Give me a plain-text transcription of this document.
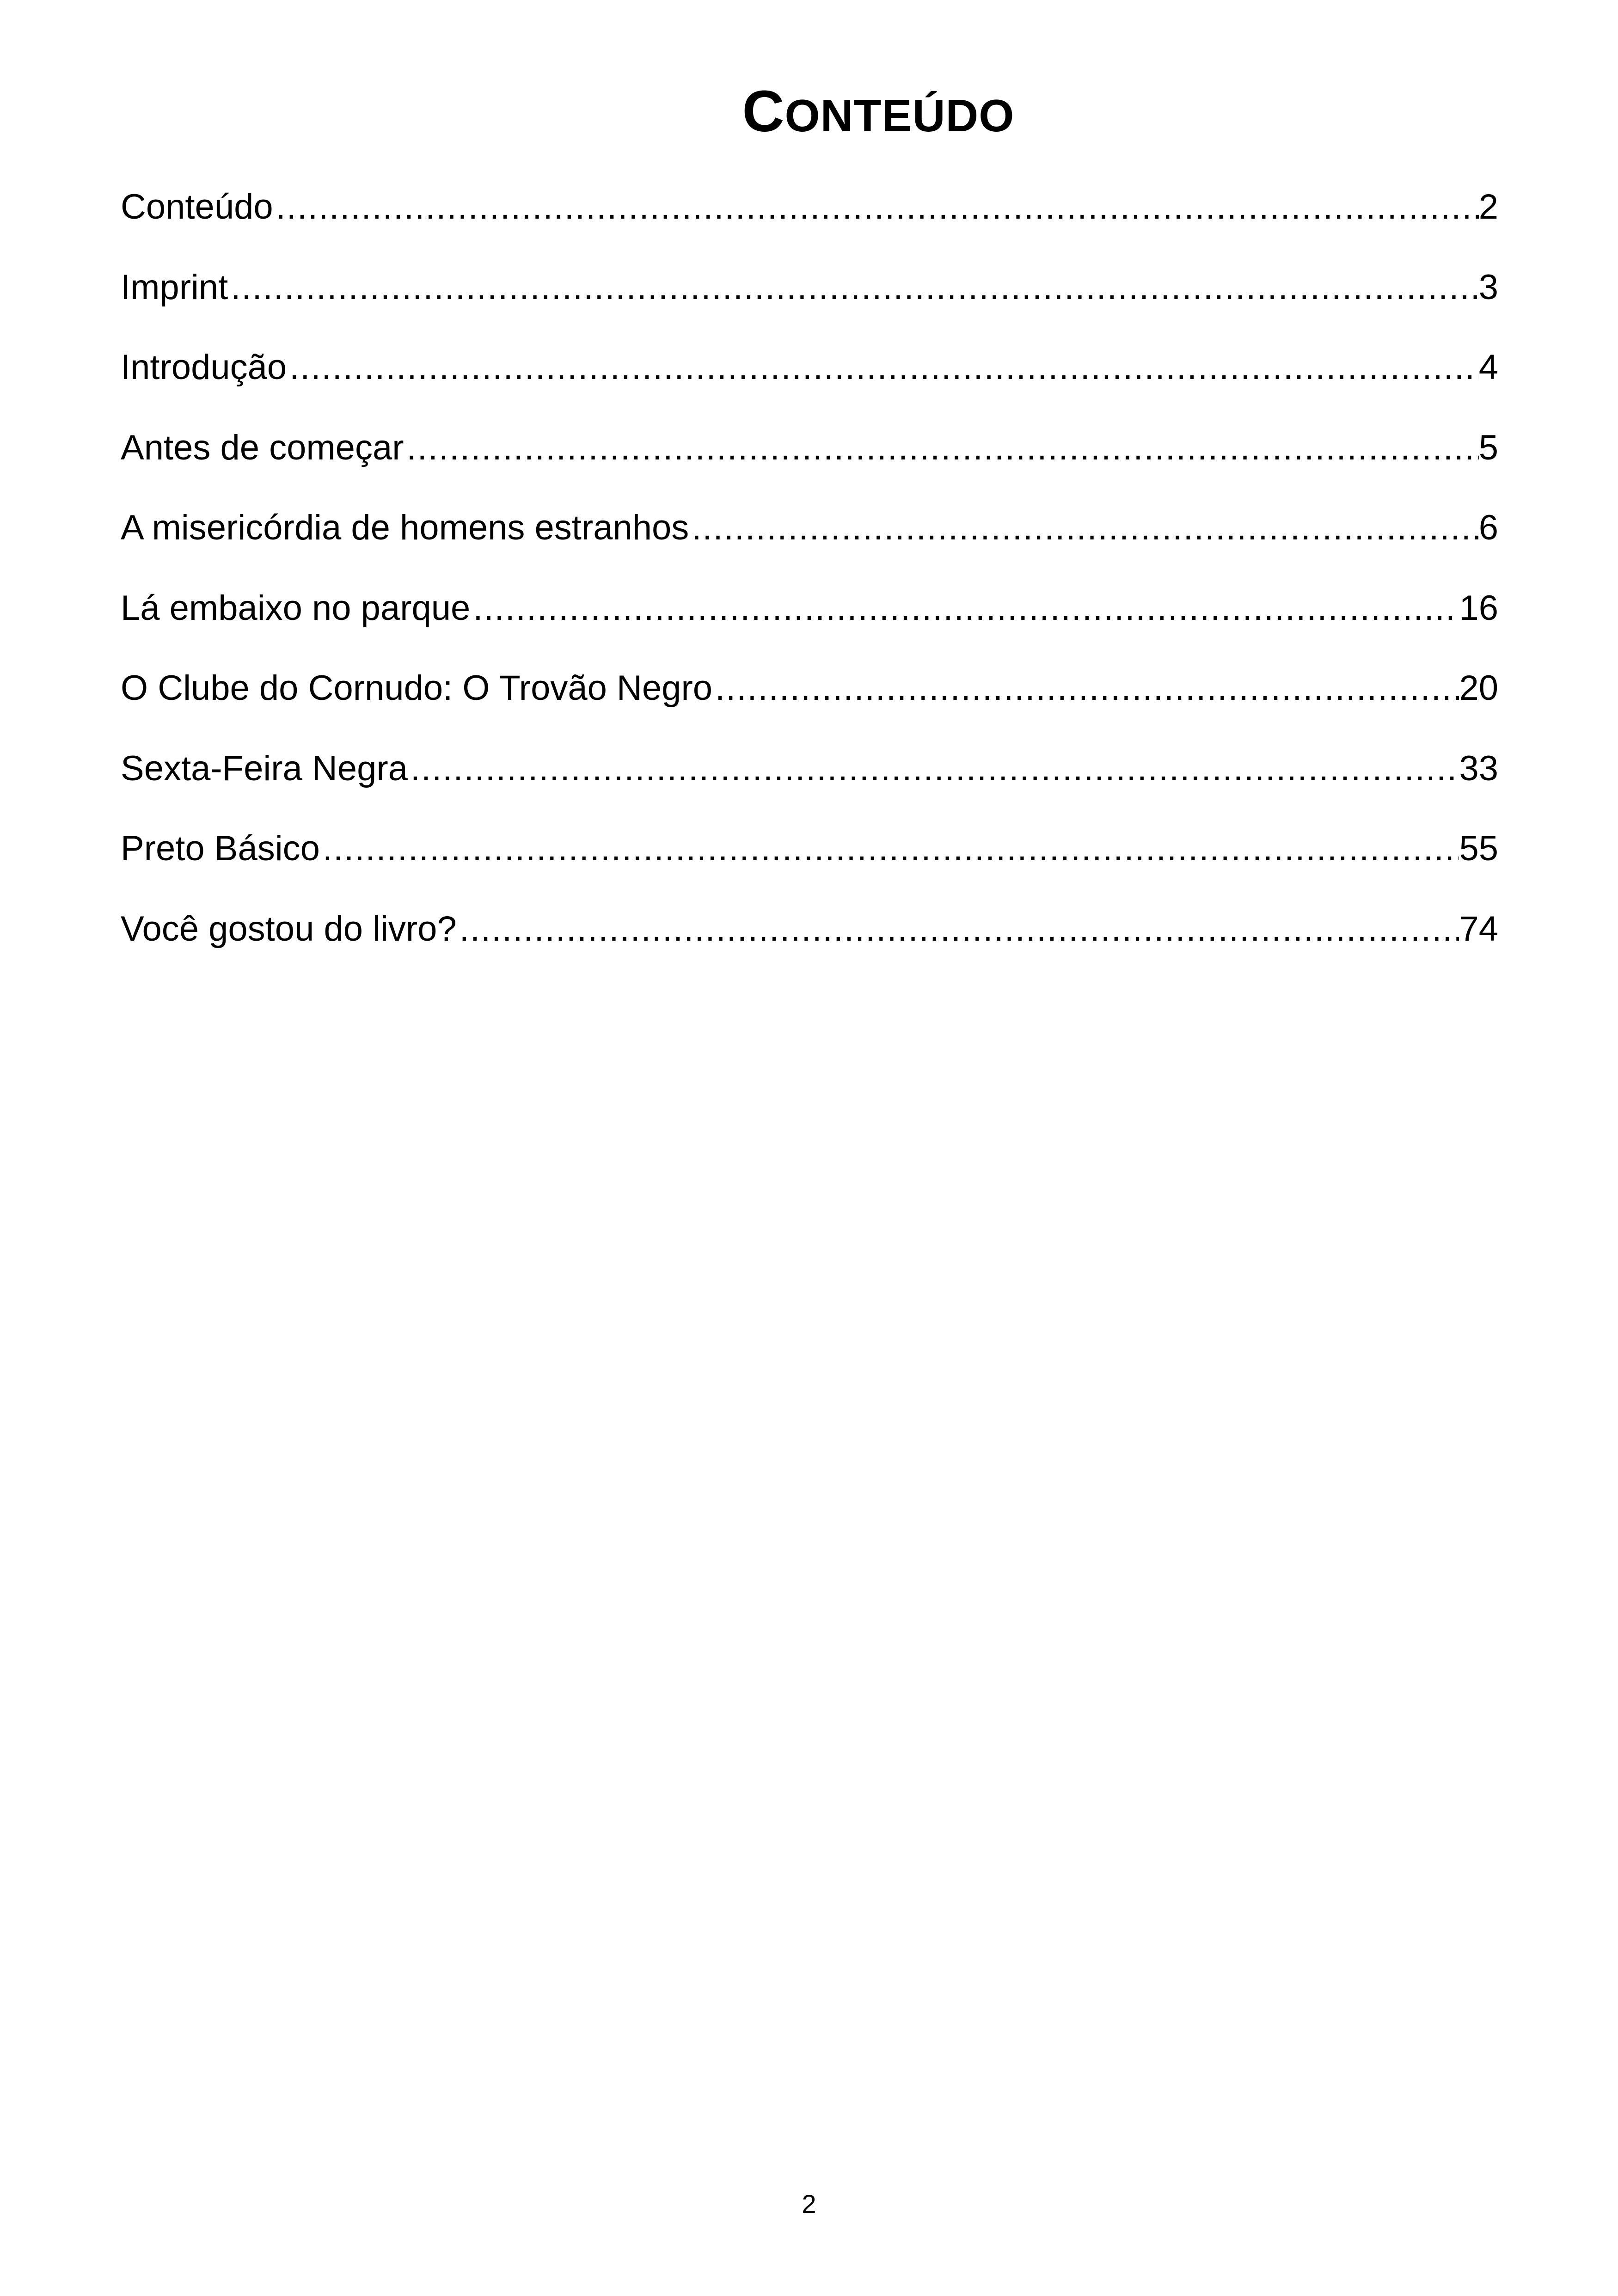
CONTEÚDO
Conteúdo .....	2
Imprint .....	3
Introdução .....	4
Antes de começar .....	5
A misericórdia de homens estranhos .....	6
Lá embaixo no parque .....	16
O Clube do Cornudo: O Trovão Negro .....	20
Sexta-Feira Negra .....	33
Preto Básico .....	55
Você gostou do livro? .....	74
2
